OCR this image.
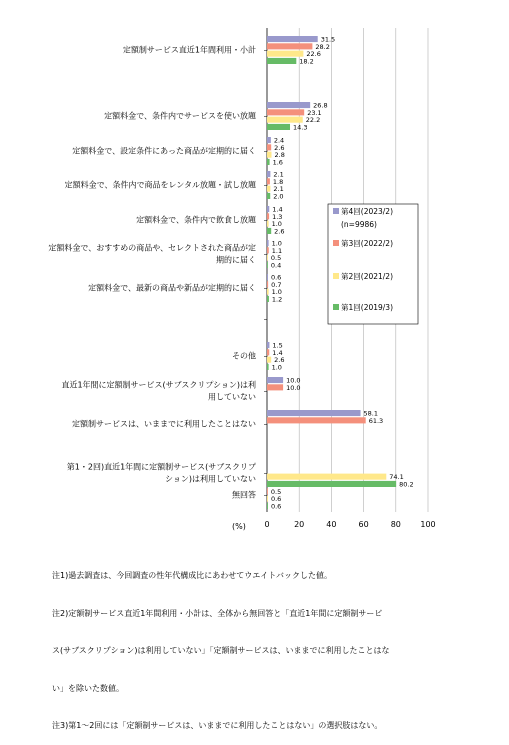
定額制サービス直近1年間利用・小計
定額料金で、条件内でサービスを使い放題
定額料金で、設定条件にあった商品が定期的に届く
定額料金で、条件内で商品をレンタル放題・試し放題
定額料金で、条件内で飲食し放題
定額料金で、おすすめの商品や、セレクトされた商品が定
期的に届く
定額料金で、最新の商品や新品が定期的に届く
その他
直近1年間に定額制サービス(サブスクリプション)は利
用していない
定額制サービスは、いままでに利用したことはない
第1・2回)直近1年間に定額制サービス(サブスクリプ
ション)は利用していない
無回答
31.5
26.8
2.4
2.1
1.4
1.0
0.6
1.5
10.0
58.1
28.2
23.1
2.6
1.8
1.3
1.1
0.7
1.4
10.0
61.3
0.5
22.6
22.2
2.8
2.1
1.0
0.5
1.0
2.6
74.1
0.6
18.2
14.3
1.6
2.0
2.6
0.4
1.2
1.0
80.2
0.6
0	20	40	60	80 100
(%)
第4回(2023/2)
(n=9986)
第3回(2022/2)
第2回(2021/2)
第1回(2019/3)

注1)過去調査は、今回調査の性年代構成比にあわせてウエイトバックした値。

注2)定額制サービス直近1年間利用・小計は、全体から無回答と「直近1年間に定額制サービ

ス(サブスクリプション)は利用していない」「定額制サービスは、いままでに利用したことはな

い」を除いた数値。

注3)第1～2回には「定額制サービスは、いままでに利用したことはない」の選択肢はない。
